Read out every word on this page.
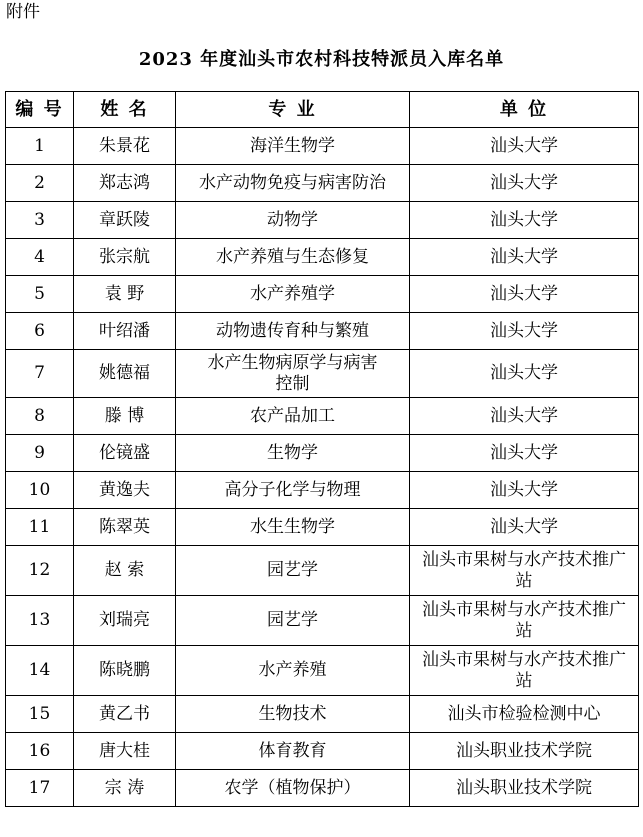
附件
2023 年度汕头市农村科技特派员入库名单
编 号	姓 名	专 业	单 位
1	朱景花	海洋生物学	汕头大学
2	郑志鸿	水产动物免疫与病害防治	汕头大学
3	章跃陵	动物学	汕头大学
4	张宗航	水产养殖与生态修复	汕头大学
5	袁 野	水产养殖学	汕头大学
6	叶绍潘	动物遗传育种与繁殖	汕头大学
7	姚德福	水产生物病原学与病害控制	汕头大学
8	滕 博	农产品加工	汕头大学
9	伦镜盛	生物学	汕头大学
10	黄逸夫	高分子化学与物理	汕头大学
11	陈翠英	水生生物学	汕头大学
12	赵 索	园艺学	汕头市果树与水产技术推广站
13	刘瑞亮	园艺学	汕头市果树与水产技术推广站
14	陈晓鹏	水产养殖	汕头市果树与水产技术推广站
15	黄乙书	生物技术	汕头市检验检测中心
16	唐大桂	体育教育	汕头职业技术学院
17	宗 涛	农学（植物保护）	汕头职业技术学院
